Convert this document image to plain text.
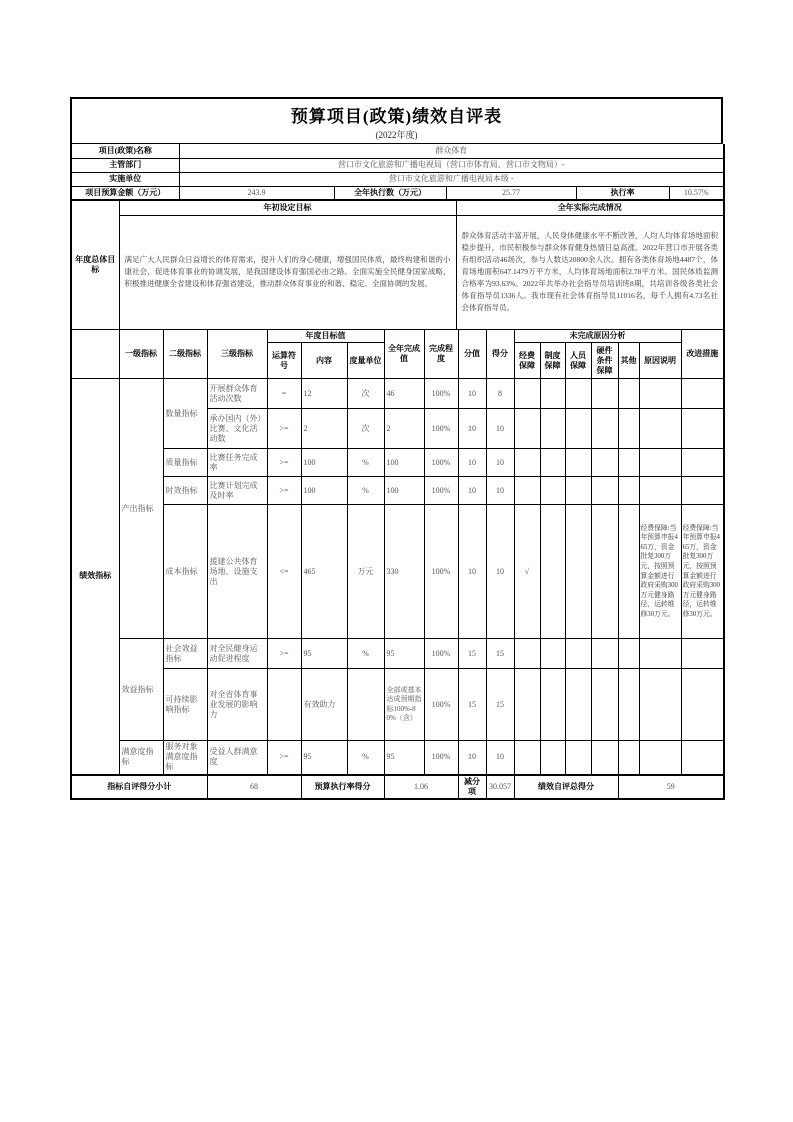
预算项目(政策)绩效自评表
(2022年度)
项目(政策)名称	群众体育				
主管部门	营口市文化旅游和广播电视局（营口市体育局、营口市文物局）-				
实施单位	营口市文化旅游和广播电视局本级 -				
项目预算金额（万元）	243.9	全年执行数（万元）	25.77	执行率	10.57%
年度总体目标	年初设定目标	全年实际完成情况
	满足广大人民群众日益增长的体育需求，提升人们的身心健康，增强国民体质，最终构建和谐的小康社会，促进体育事业的协调发展，是我国建设体育强国必由之路。全面实施全民健身国家战略，积极推进健康全省建设和体育强省建设，推动群众体育事业的和谐、稳定、全面协调的发展。	群众体育活动丰富开展，人民身体健康水平不断改善，人均人均体育场地面积稳步提升，市民积极参与群众体育健身热情日益高涨。2022年营口市开展各类有组织活动46场次，参与人数达20800余人次。拥有各类体育场地4487个，体育场地面积647.1479万平方米，人均体育场地面积2.78平方米。国民体质监测合格率为93.63%。2022年共举办社会指导员培训班8期，共培训各级各类社会体育指导员1336人。我市现有社会体育指导员11016名，每千人拥有4.73名社会体育指导员。
	一级指标	二级指标	三级指标	年度目标值			全年完成值	完成程度	分值	得分	未完成原因分析						改进措施
				运算符号	内容	度量单位					经费保障	制度保障	人员保障	硬件条件保障	其他	原因说明	
绩效指标	产出指标	数量指标	开展群众体育活动次数	=	12	次	46	100%	10	8							
			承办国内（外）比赛、文化活动数	>=	2	次	2	100%	10	10							
		质量指标	比赛任务完成率	>=	100	%	100	100%	10	10							
		时效指标	比赛计划完成及时率	>=	100	%	100	100%	10	10							
		成本指标	援建公共体育场地、设施支出	<=	465	万元	330	100%	10	10	√					经费保障:当年预算申报465万，资金批复300万元，按照预算金额进行政府采购300万元健身路径，运转维修30万元。	经费保障:当年预算申报465万，资金批复300万元，按照预算金额进行政府采购300万元健身路径，运转维修30万元。
	效益指标	社会效益指标	对全民健身运动促进程度	>=	95	%	95	100%	15	15							
		可持续影响指标	对全省体育事业发展的影响力		有效助力		全部或基本达成预期指标100%-80%（含）	100%	15	15							
	满意度指标	服务对象满意度指标	受益人群满意度	>=	95	%	95	100%	10	10							
指标自评得分小计			68		预算执行率得分		1.06		减分项	30.057	绩效自评总得分				59		
